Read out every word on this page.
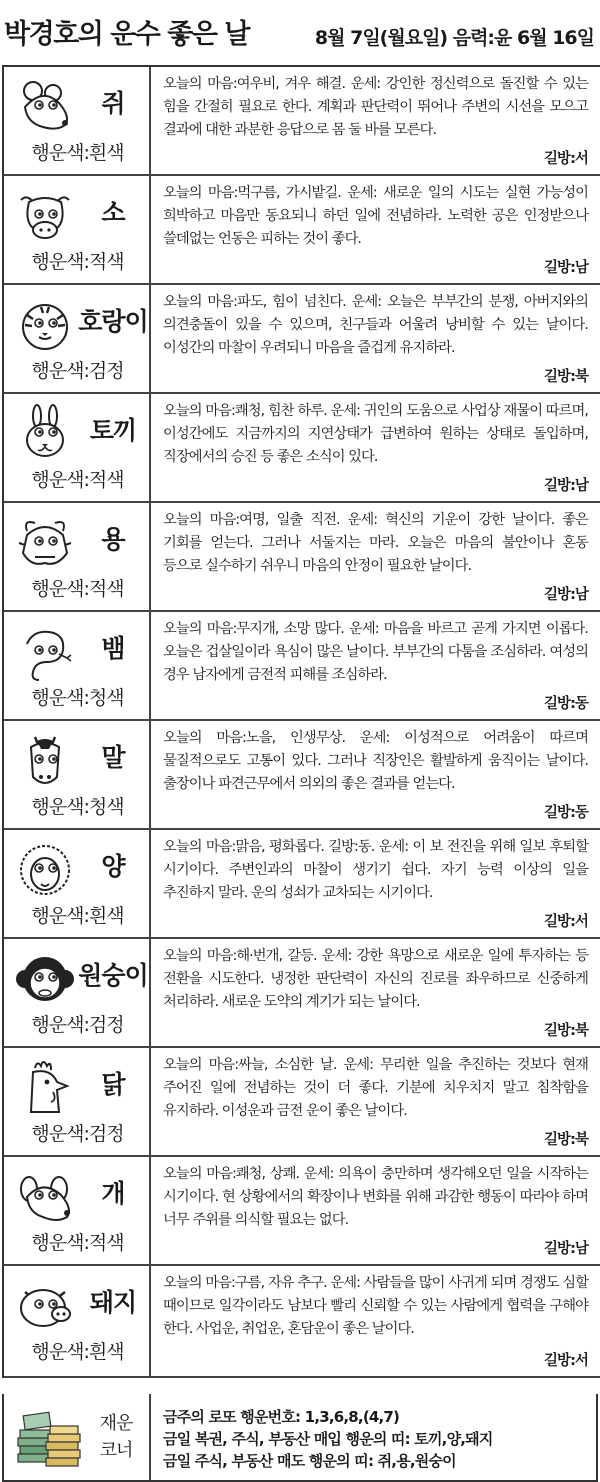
박경호의 운수 좋은 날	8월 7일(월요일) 음력:윤 6월 16일
쥐
행운색:흰색
오늘의 마음:여우비, 겨우 해결. 운세: 강인한 정신력으로 돌진할 수 있는 힘을 간절히 필요로 한다. 계획과 판단력이 뛰어나 주변의 시선을 모으고 결과에 대한 과분한 응답으로 몸 둘 바를 모른다.
길방:서
소
행운색:적색
오늘의 마음:먹구름, 가시밭길. 운세: 새로운 일의 시도는 실현 가능성이 희박하고 마음만 동요되니 하던 일에 전념하라. 노력한 공은 인정받으나 쓸데없는 언동은 피하는 것이 좋다.
길방:남
호랑이
행운색:검정
오늘의 마음:파도, 힘이 넘친다. 운세: 오늘은 부부간의 분쟁, 아버지와의 의견충돌이 있을 수 있으며, 친구들과 어울려 낭비할 수 있는 날이다. 이성간의 마찰이 우려되니 마음을 즐겁게 유지하라.
길방:북
토끼
행운색:적색
오늘의 마음:쾌청, 힘찬 하루. 운세: 귀인의 도움으로 사업상 재물이 따르며, 이성간에도 지금까지의 지연상태가 급변하여 원하는 상태로 돌입하며, 직장에서의 승진 등 좋은 소식이 있다.
길방:남
용
행운색:적색
오늘의 마음:여명, 일출 직전. 운세: 혁신의 기운이 강한 날이다. 좋은 기회를 얻는다. 그러나 서둘지는 마라. 오늘은 마음의 불안이나 혼동 등으로 실수하기 쉬우니 마음의 안정이 필요한 날이다.
길방:남
뱀
행운색:청색
오늘의 마음:무지개, 소망 많다. 운세: 마음을 바르고 곧게 가지면 이롭다. 오늘은 겁살일이라 욕심이 많은 날이다. 부부간의 다툼을 조심하라. 여성의 경우 남자에게 금전적 피해를 조심하라.
길방:동
말
행운색:청색
오늘의 마음:노을, 인생무상. 운세: 이성적으로 어려움이 따르며 물질적으로도 고통이 있다. 그러나 직장인은 활발하게 움직이는 날이다. 출장이나 파견근무에서 의외의 좋은 결과를 얻는다.
길방:동
양
행운색:흰색
오늘의 마음:맑음, 평화롭다. 길방:동. 운세: 이 보 전진을 위해 일보 후퇴할 시기이다. 주변인과의 마찰이 생기기 쉽다. 자기 능력 이상의 일을 추진하지 말라. 운의 성쇠가 교차되는 시기이다.
길방:서
원숭이
행운색:검정
오늘의 마음:해·번개, 갈등. 운세: 강한 욕망으로 새로운 일에 투자하는 등 전환을 시도한다. 냉정한 판단력이 자신의 진로를 좌우하므로 신중하게 처리하라. 새로운 도약의 계기가 되는 날이다.
길방:북
닭
행운색:검정
오늘의 마음:싸늘, 소심한 날. 운세: 무리한 일을 추진하는 것보다 현재 주어진 일에 전념하는 것이 더 좋다. 기분에 치우치지 말고 침착함을 유지하라. 이성운과 금전 운이 좋은 날이다.
길방:북
개
행운색:적색
오늘의 마음:쾌청, 상쾌. 운세: 의욕이 충만하며 생각해오던 일을 시작하는 시기이다. 현 상황에서의 확장이나 변화를 위해 과감한 행동이 따라야 하며 너무 주위를 의식할 필요는 없다.
길방:남
돼지
행운색:흰색
오늘의 마음:구름, 자유 추구. 운세: 사람들을 많이 사귀게 되며 경쟁도 심할 때이므로 일각이라도 남보다 빨리 신뢰할 수 있는 사람에게 협력을 구해야 한다. 사업운, 취업운, 혼담운이 좋은 날이다.
길방:서
재운
코너
금주의 로또 행운번호: 1,3,6,8,(4,7)
금일 복권, 주식, 부동산 매입 행운의 띠: 토끼,양,돼지
금일 주식, 부동산 매도 행운의 띠: 쥐,용,원숭이
